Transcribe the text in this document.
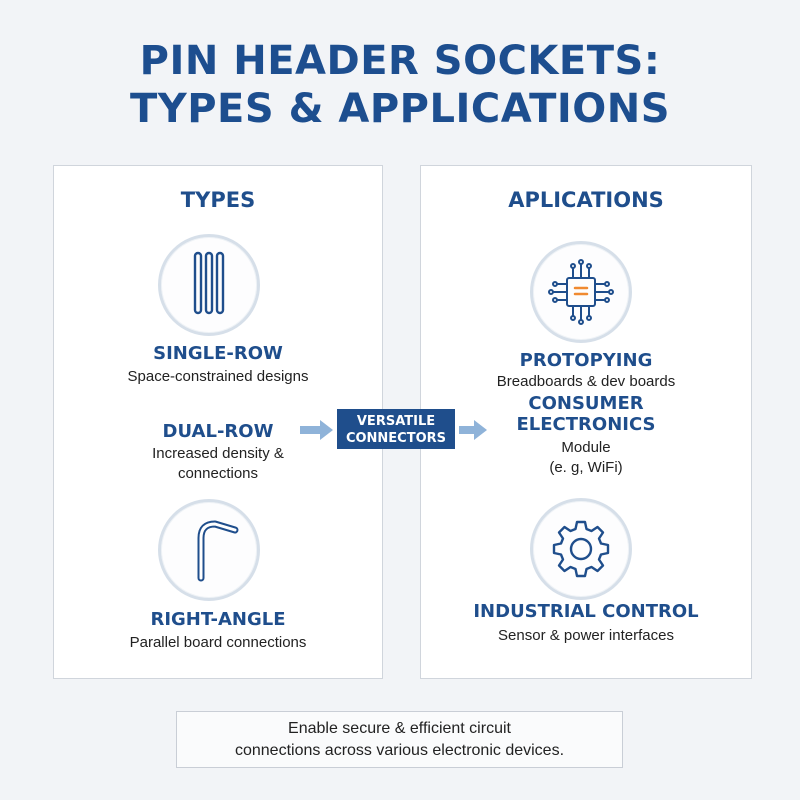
PIN HEADER SOCKETS:
TYPES & APPLICATIONS
TYPES
SINGLE-ROW
Space-constrained designs
DUAL-ROW
Increased density &
connections
RIGHT-ANGLE
Parallel board connections
APLICATIONS
PROTOPYING
Breadboards & dev boards
CONSUMER
ELECTRONICS
Module
(e. g, WiFi)
INDUSTRIAL CONTROL
Sensor & power interfaces
VERSATILE
CONNECTORS
Enable secure & efficient circuit
connections across various electronic devices.
